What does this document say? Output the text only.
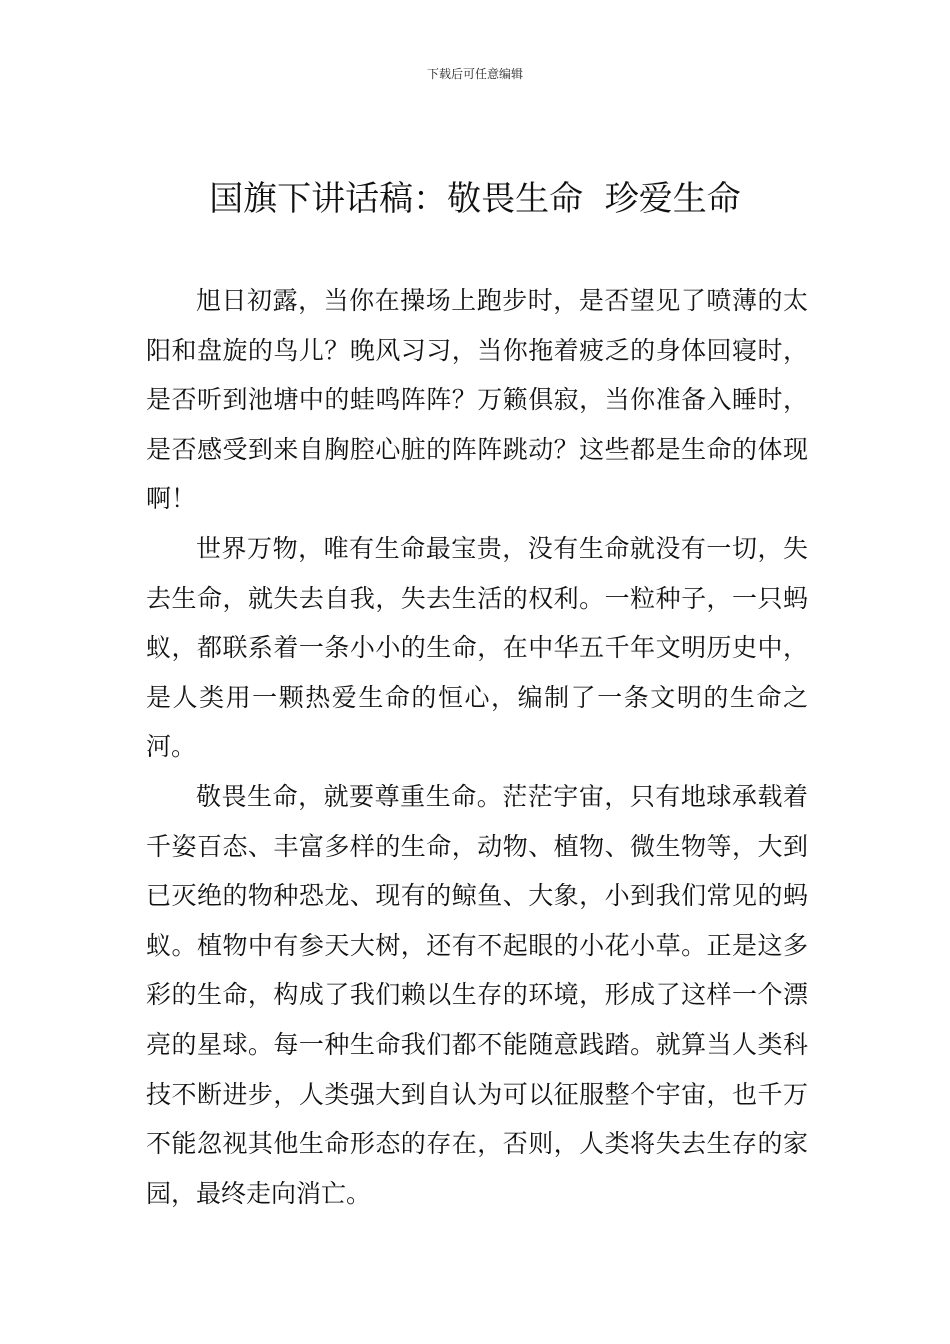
下载后可任意编辑
国旗下讲话稿：敬畏生命  珍爱生命

旭日初露，当你在操场上跑步时，是否望见了喷薄的太阳和盘旋的鸟儿？晚风习习，当你拖着疲乏的身体回寝时，是否听到池塘中的蛙鸣阵阵？万籁俱寂，当你准备入睡时，是否感受到来自胸腔心脏的阵阵跳动？这些都是生命的体现啊！

世界万物，唯有生命最宝贵，没有生命就没有一切，失去生命，就失去自我，失去生活的权利。一粒种子，一只蚂蚁，都联系着一条小小的生命，在中华五千年文明历史中，是人类用一颗热爱生命的恒心，编制了一条文明的生命之河。

敬畏生命，就要尊重生命。茫茫宇宙，只有地球承载着千姿百态、丰富多样的生命，动物、植物、微生物等，大到已灭绝的物种恐龙、现有的鲸鱼、大象，小到我们常见的蚂蚁。植物中有参天大树，还有不起眼的小花小草。正是这多彩的生命，构成了我们赖以生存的环境，形成了这样一个漂亮的星球。每一种生命我们都不能随意践踏。就算当人类科技不断进步，人类强大到自认为可以征服整个宇宙，也千万不能忽视其他生命形态的存在，否则，人类将失去生存的家园，最终走向消亡。
